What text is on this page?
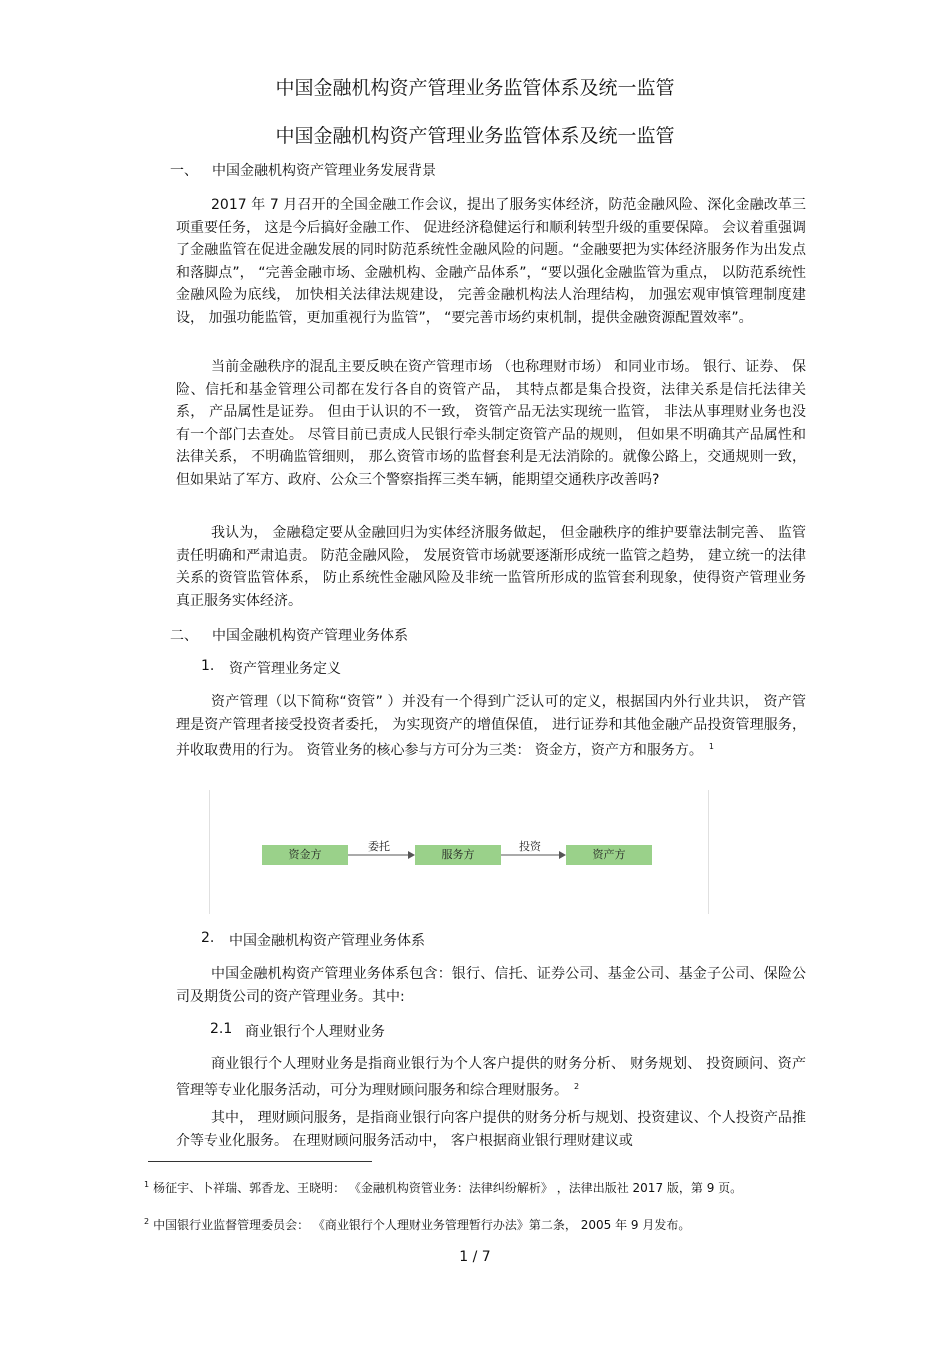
中国金融机构资产管理业务监管体系及统一监管
中国金融机构资产管理业务监管体系及统一监管
一、 中国金融机构资产管理业务发展背景
2017 年 7 月召开的全国金融工作会议，提出了服务实体经济，防范金融风险、深化金融改革三项重要任务， 这是今后搞好金融工作、 促进经济稳健运行和顺利转型升级的重要保障。 会议着重强调了金融监管在促进金融发展的同时防范系统性金融风险的问题。“金融要把为实体经济服务作为出发点和落脚点”， “完善金融市场、金融机构、金融产品体系”，“要以强化金融监管为重点， 以防范系统性金融风险为底线， 加快相关法律法规建设， 完善金融机构法人治理结构， 加强宏观审慎管理制度建设， 加强功能监管，更加重视行为监管”， “要完善市场约束机制，提供金融资源配置效率”。
当前金融秩序的混乱主要反映在资产管理市场 （也称理财市场） 和同业市场。 银行、证券、 保险、信托和基金管理公司都在发行各自的资管产品， 其特点都是集合投资，法律关系是信托法律关系， 产品属性是证券。 但由于认识的不一致， 资管产品无法实现统一监管， 非法从事理财业务也没有一个部门去查处。 尽管目前已责成人民银行牵头制定资管产品的规则， 但如果不明确其产品属性和法律关系， 不明确监管细则， 那么资管市场的监督套利是无法消除的。就像公路上，交通规则一致，但如果站了军方、政府、公众三个警察指挥三类车辆，能期望交通秩序改善吗?
我认为， 金融稳定要从金融回归为实体经济服务做起， 但金融秩序的维护要靠法制完善、 监管责任明确和严肃追责。 防范金融风险， 发展资管市场就要逐渐形成统一监管之趋势， 建立统一的法律关系的资管监管体系， 防止系统性金融风险及非统一监管所形成的监管套利现象，使得资产管理业务真正服务实体经济。
二、 中国金融机构资产管理业务体系
1. 资产管理业务定义
资产管理（以下简称“资管” ）并没有一个得到广泛认可的定义，根据国内外行业共识， 资产管理是资产管理者接受投资者委托， 为实现资产的增值保值， 进行证券和其他金融产品投资管理服务， 并收取费用的行为。 资管业务的核心参与方可分为三类： 资金方，资产方和服务方。 $^1$
资金方	服务方	资产方
委托	投资
2. 中国金融机构资产管理业务体系
中国金融机构资产管理业务体系包含：银行、信托、证券公司、基金公司、基金子公司、保险公司及期货公司的资产管理业务。其中:
2.1 商业银行个人理财业务
商业银行个人理财业务是指商业银行为个人客户提供的财务分析、 财务规划、 投资顾问、资产管理等专业化服务活动，可分为理财顾问服务和综合理财服务。 $^2$
其中， 理财顾问服务，是指商业银行向客户提供的财务分析与规划、投资建议、个人投资产品推介等专业化服务。 在理财顾问服务活动中， 客户根据商业银行理财建议或
$^1$ 杨征宇、卜祥瑞、郭香龙、王晓明： 《金融机构资管业务：法律纠纷解析》 ，法律出版社 2017 版，第 9 页。
$^2$ 中国银行业监督管理委员会： 《商业银行个人理财业务管理暂行办法》第二条， 2005 年 9 月发布。
1 / 7
